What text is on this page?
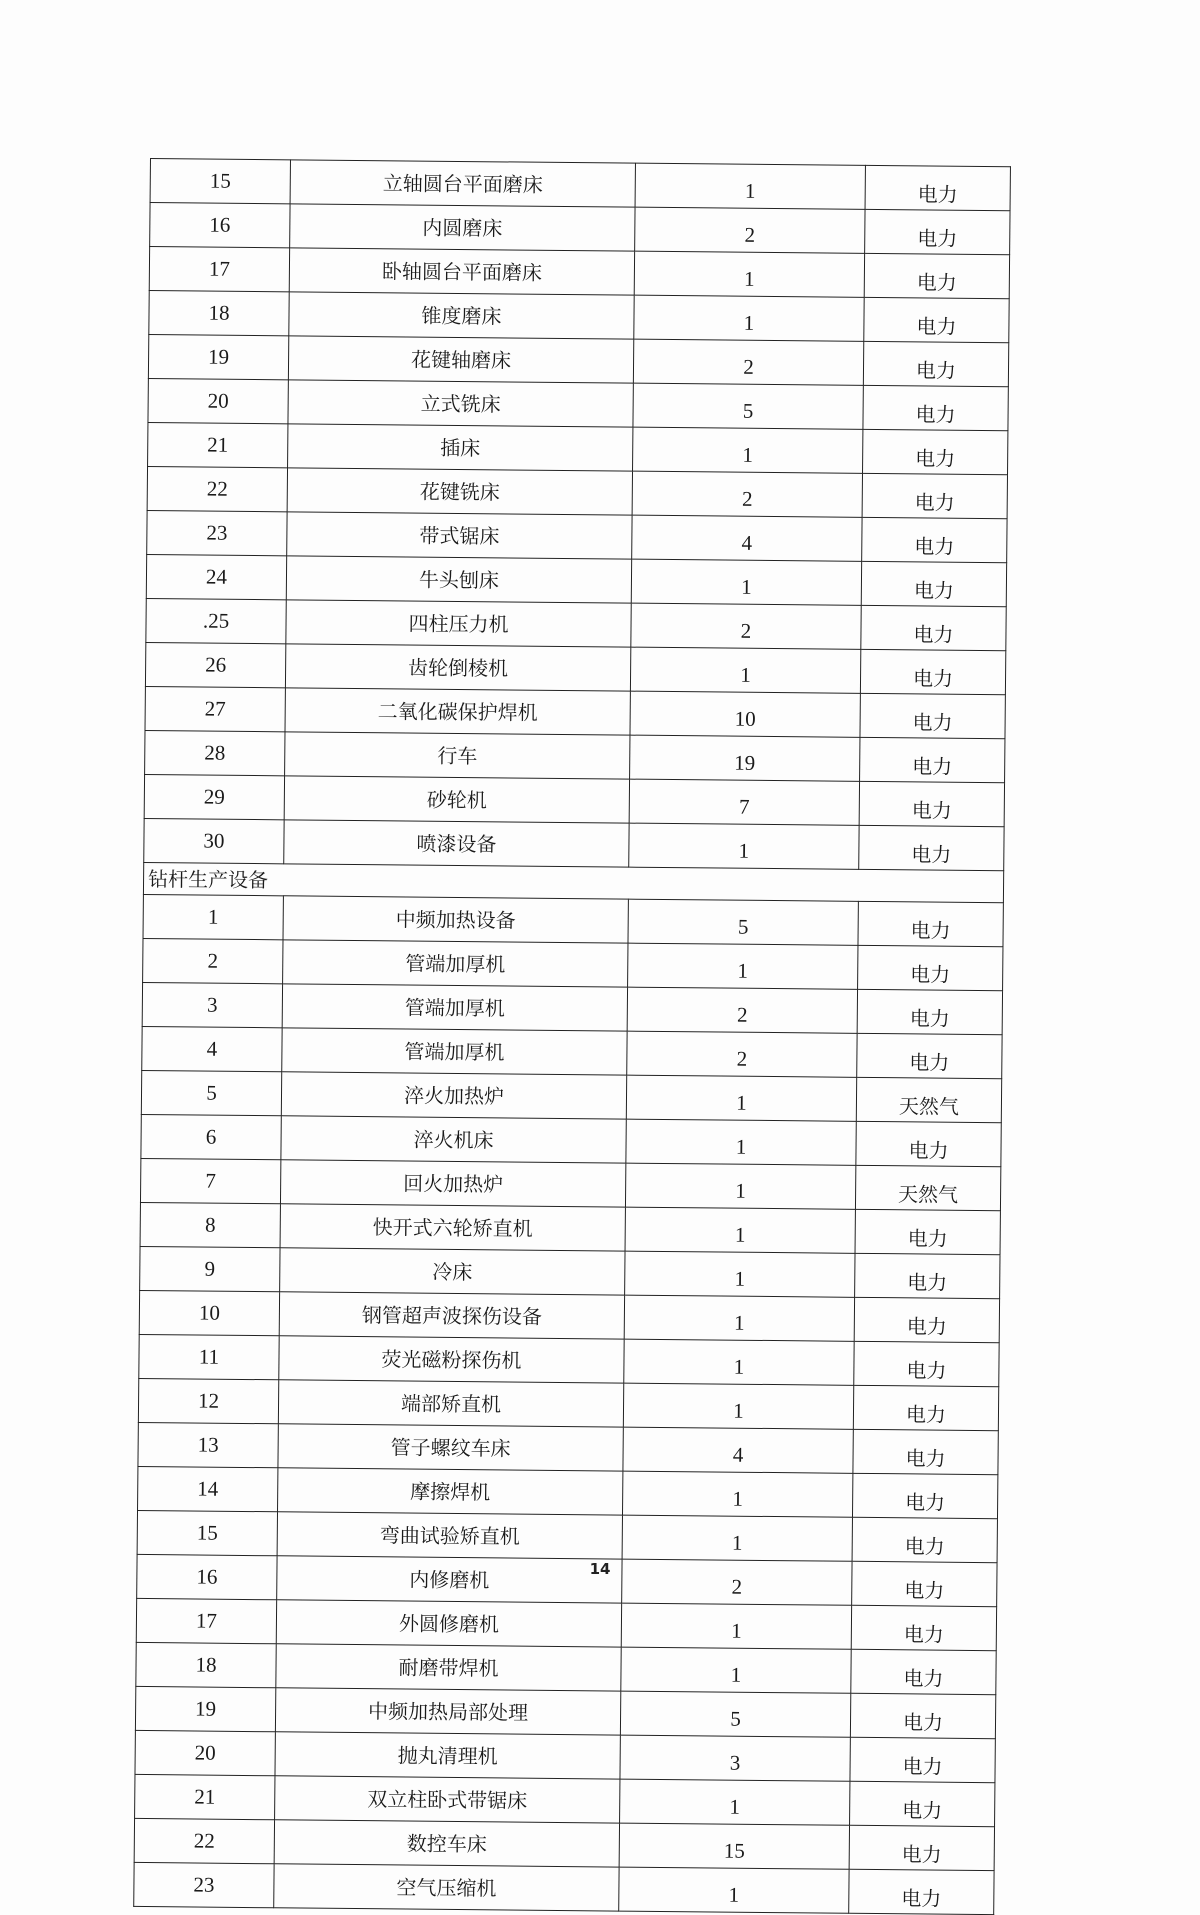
15	立轴圆台平面磨床	1	电力
16	内圆磨床	2	电力
17	卧轴圆台平面磨床	1	电力
18	锥度磨床	1	电力
19	花键轴磨床	2	电力
20	立式铣床	5	电力
21	插床	1	电力
22	花键铣床	2	电力
23	带式锯床	4	电力
24	牛头刨床	1	电力
.25	四柱压力机	2	电力
26	齿轮倒棱机	1	电力
27	二氧化碳保护焊机	10	电力
28	行车	19	电力
29	砂轮机	7	电力
30	喷漆设备	1	电力
钻杆生产设备			
1	中频加热设备	5	电力
2	管端加厚机	1	电力
3	管端加厚机	2	电力
4	管端加厚机	2	电力
5	淬火加热炉	1	天然气
6	淬火机床	1	电力
7	回火加热炉	1	天然气
8	快开式六轮矫直机	1	电力
9	冷床	1	电力
10	钢管超声波探伤设备	1	电力
11	荧光磁粉探伤机	1	电力
12	端部矫直机	1	电力
13	管子螺纹车床	4	电力
14	摩擦焊机	1	电力
15	弯曲试验矫直机	1	电力
16	内修磨机	2	电力
17	外圆修磨机	1	电力
18	耐磨带焊机	1	电力
19	中频加热局部处理	5	电力
20	抛丸清理机	3	电力
21	双立柱卧式带锯床	1	电力
22	数控车床	15	电力
23	空气压缩机	1	电力
14
